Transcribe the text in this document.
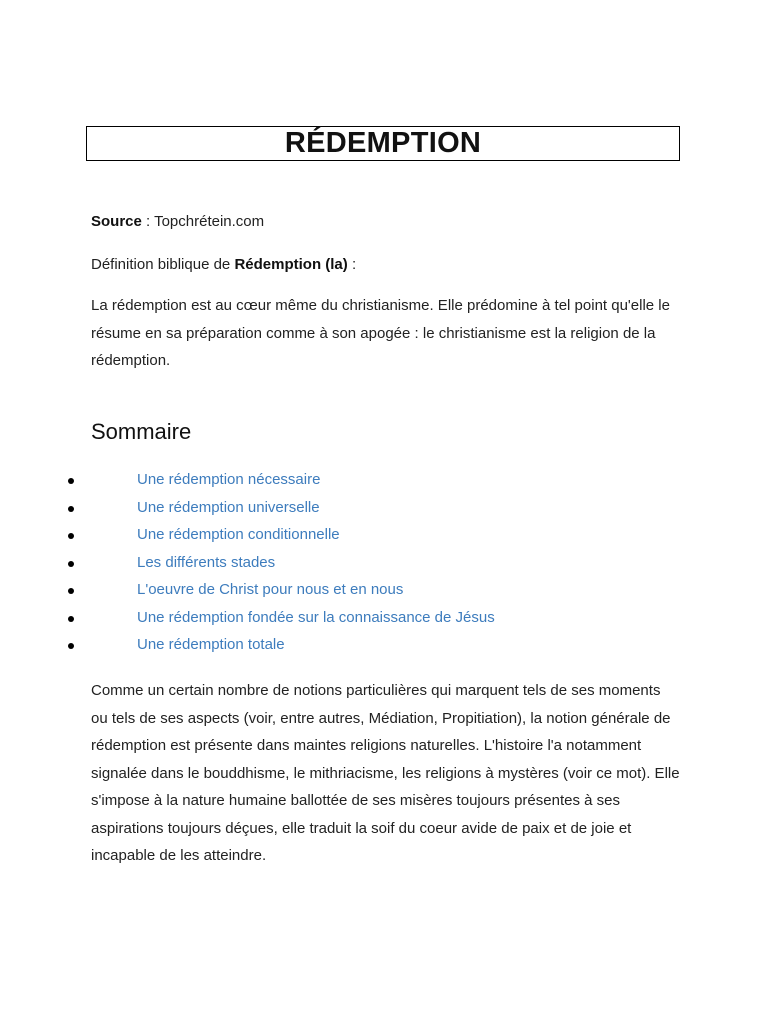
RÉDEMPTION

Source : Topchrétein.com

Définition biblique de Rédemption (la) :

La rédemption est au cœur même du christianisme. Elle prédomine à tel point qu'elle le résume en sa préparation comme à son apogée : le christianisme est la religion de la rédemption.

Sommaire
Une rédemption nécessaire
Une rédemption universelle
Une rédemption conditionnelle
Les différents stades
L'oeuvre de Christ pour nous et en nous
Une rédemption fondée sur la connaissance de Jésus
Une rédemption totale

Comme un certain nombre de notions particulières qui marquent tels de ses moments ou tels de ses aspects (voir, entre autres, Médiation, Propitiation), la notion générale de rédemption est présente dans maintes religions naturelles. L'histoire l'a notamment signalée dans le bouddhisme, le mithriacisme, les religions à mystères (voir ce mot). Elle s'impose à la nature humaine ballottée de ses misères toujours présentes à ses aspirations toujours déçues, elle traduit la soif du coeur avide de paix et de joie et incapable de les atteindre.
